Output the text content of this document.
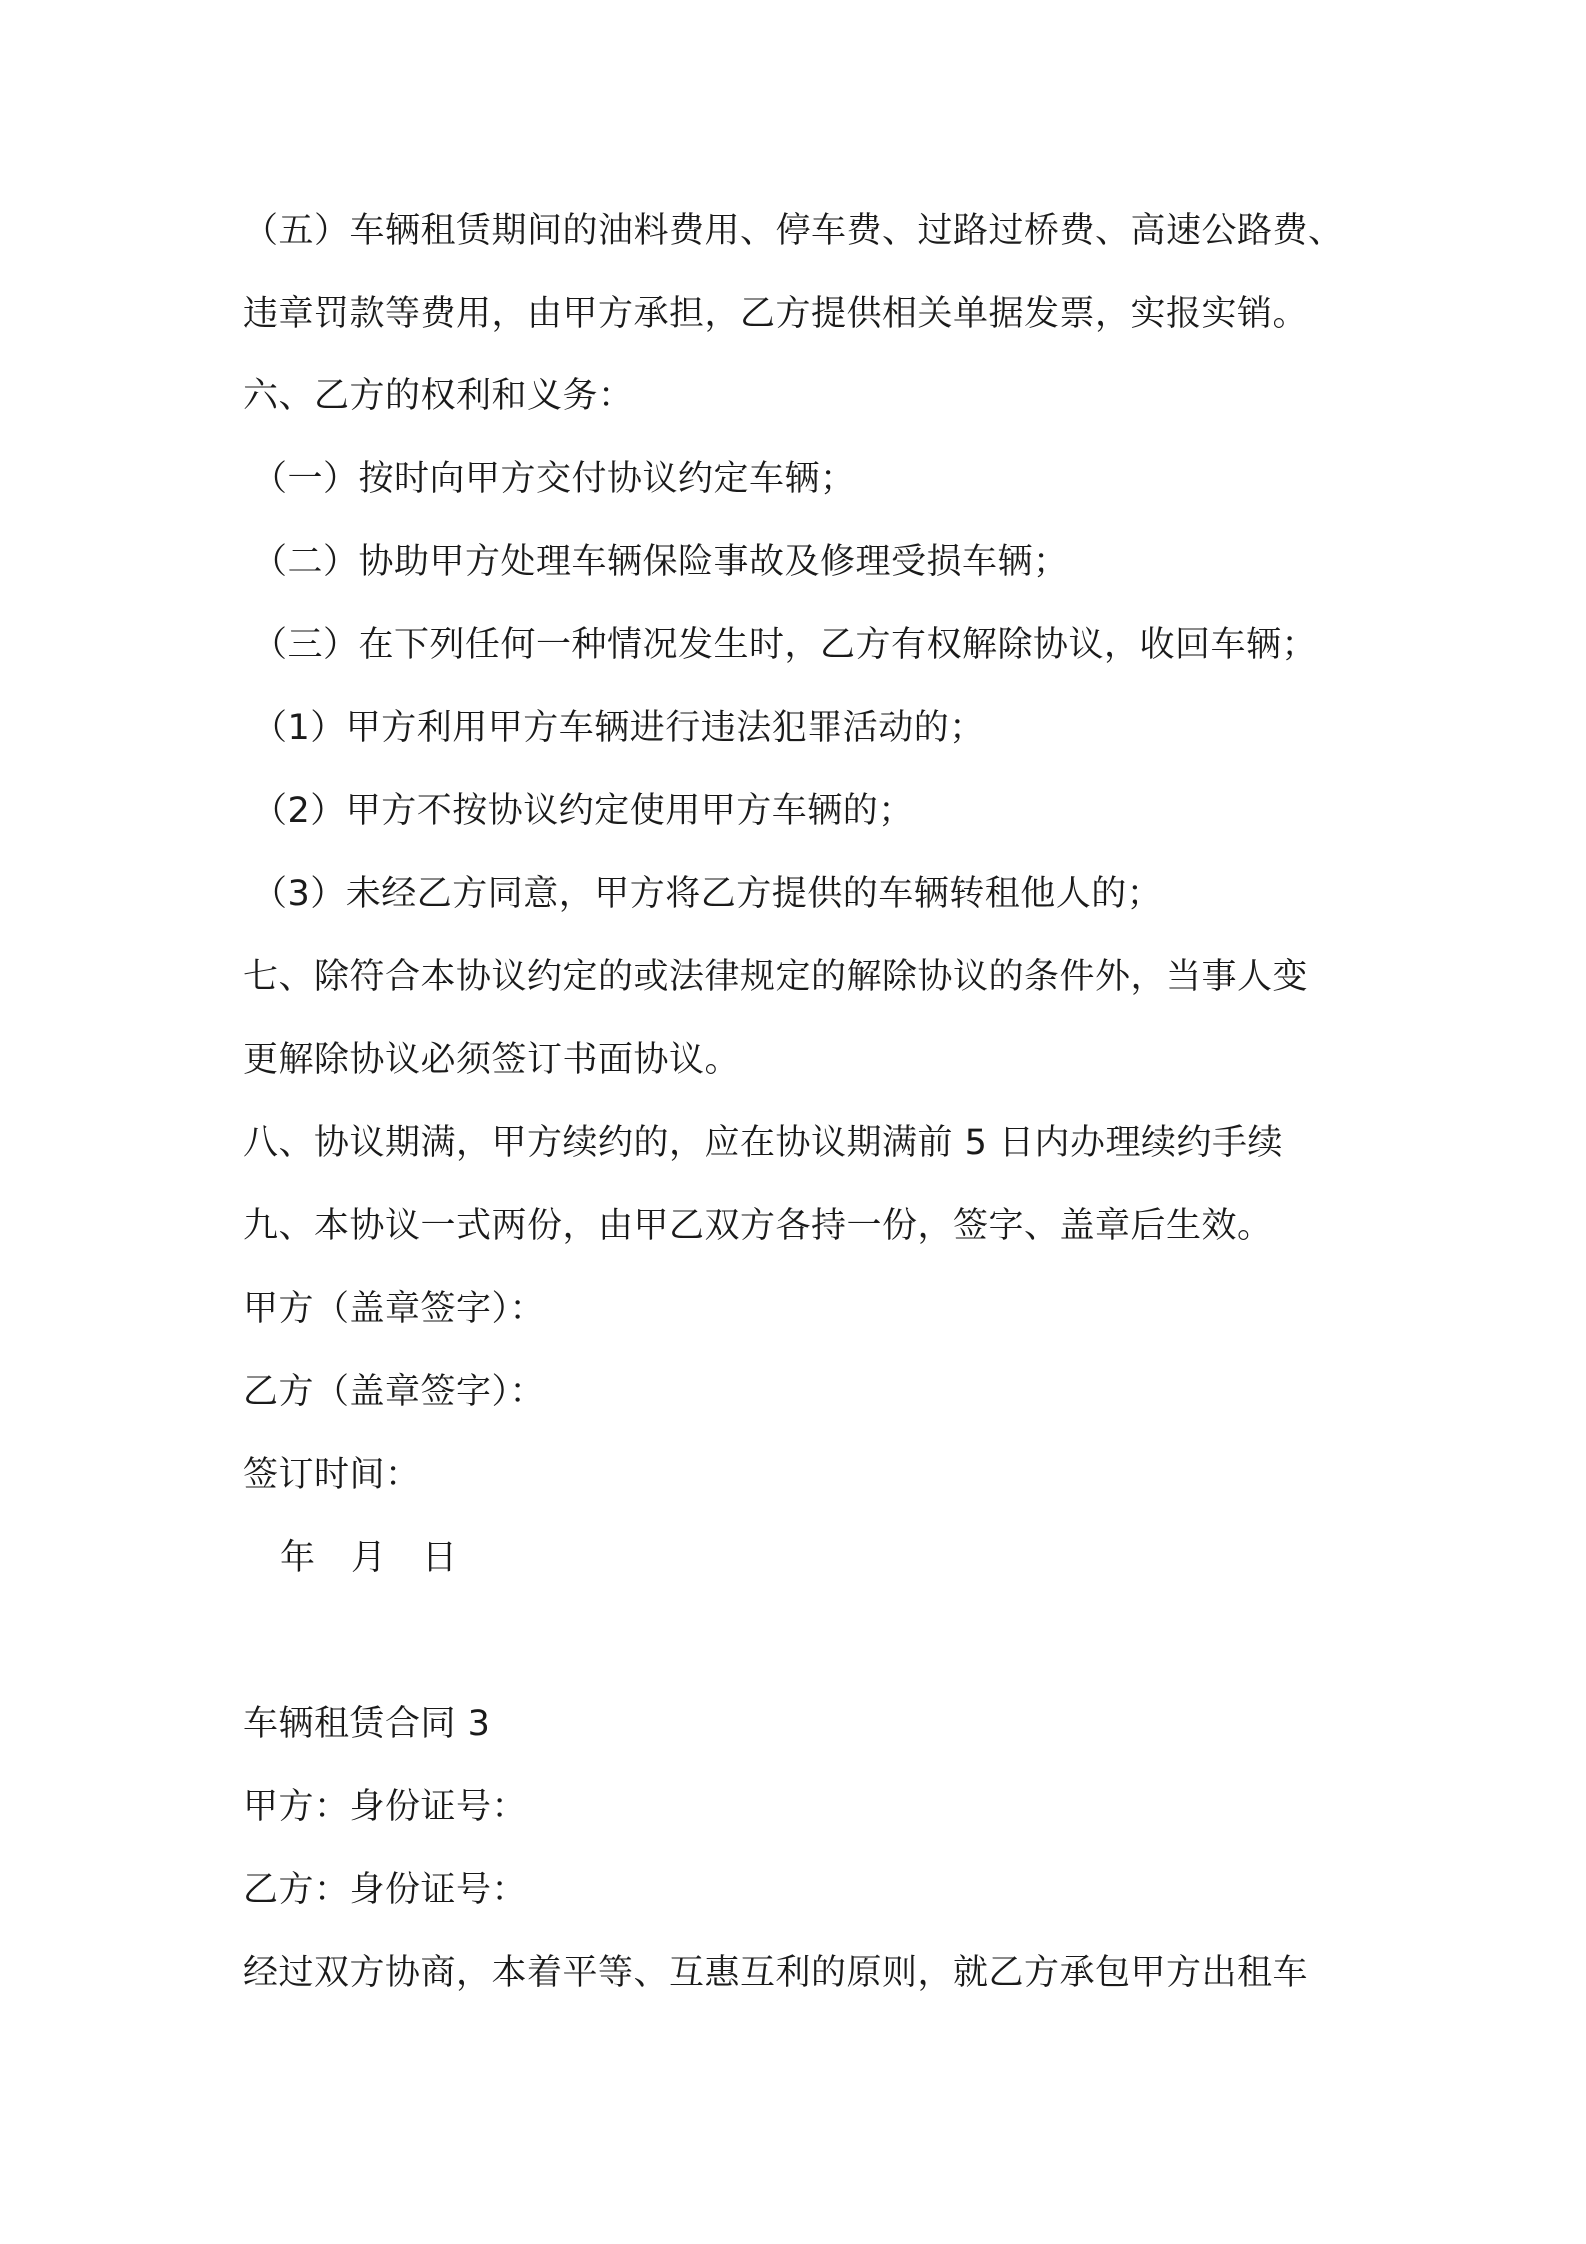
（五）车辆租赁期间的油料费用、停车费、过路过桥费、高速公路费、
违章罚款等费用，由甲方承担，乙方提供相关单据发票，实报实销。
六、乙方的权利和义务：
（一）按时向甲方交付协议约定车辆；
（二）协助甲方处理车辆保险事故及修理受损车辆；
（三）在下列任何一种情况发生时，乙方有权解除协议，收回车辆；
（1）甲方利用甲方车辆进行违法犯罪活动的；
（2）甲方不按协议约定使用甲方车辆的；
（3）未经乙方同意，甲方将乙方提供的车辆转租他人的；
七、除符合本协议约定的或法律规定的解除协议的条件外，当事人变
更解除协议必须签订书面协议。
八、协议期满，甲方续约的，应在协议期满前 5 日内办理续约手续
九、本协议一式两份，由甲乙双方各持一份，签字、盖章后生效。
甲方（盖章签字）：
乙方（盖章签字）：
签订时间：
年　月　日
车辆租赁合同 3
甲方：身份证号：
乙方：身份证号：
经过双方协商，本着平等、互惠互利的原则，就乙方承包甲方出租车
